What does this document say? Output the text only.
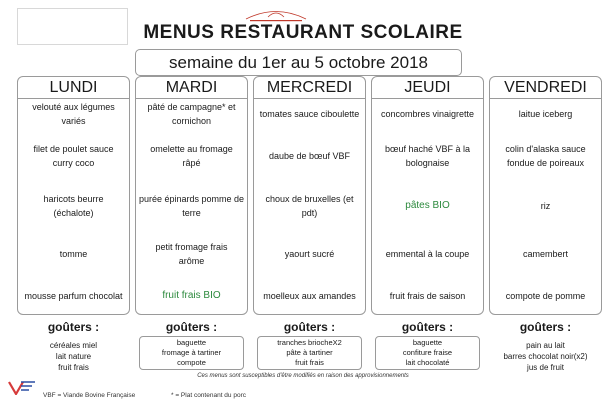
MENUS RESTAURANT SCOLAIRE
semaine du 1er au 5 octobre 2018
LUNDI
velouté aux légumes
variés
filet de poulet sauce
curry coco
haricots beurre
(échalote)
tomme
mousse parfum chocolat
MARDI
pâté de campagne* et
cornichon
omelette au fromage
râpé
purée épinards pomme de
terre
petit fromage frais
arôme
fruit frais BIO
MERCREDI
tomates sauce ciboulette
daube de bœuf VBF
choux de bruxelles (et
pdt)
yaourt sucré
moelleux aux amandes
JEUDI
concombres vinaigrette
bœuf haché VBF à la
bolognaise
pâtes BIO
emmental à la coupe
fruit frais de saison
VENDREDI
laitue iceberg
colin d'alaska sauce
fondue de poireaux
riz
camembert
compote de pomme
goûters :
céréales miel
lait nature
fruit frais
goûters :
baguette
fromage à tartiner
compote
goûters :
tranches briocheX2
pâte à tartiner
fruit frais
goûters :
baguette
confiture fraise
lait chocolaté
goûters :
pain au lait
barres chocolat noir(x2)
jus de fruit
Ces menus sont susceptibles d'être modifiés en raison des approvisionnements
VBF = Viande Bovine Française	* = Plat contenant du porc
